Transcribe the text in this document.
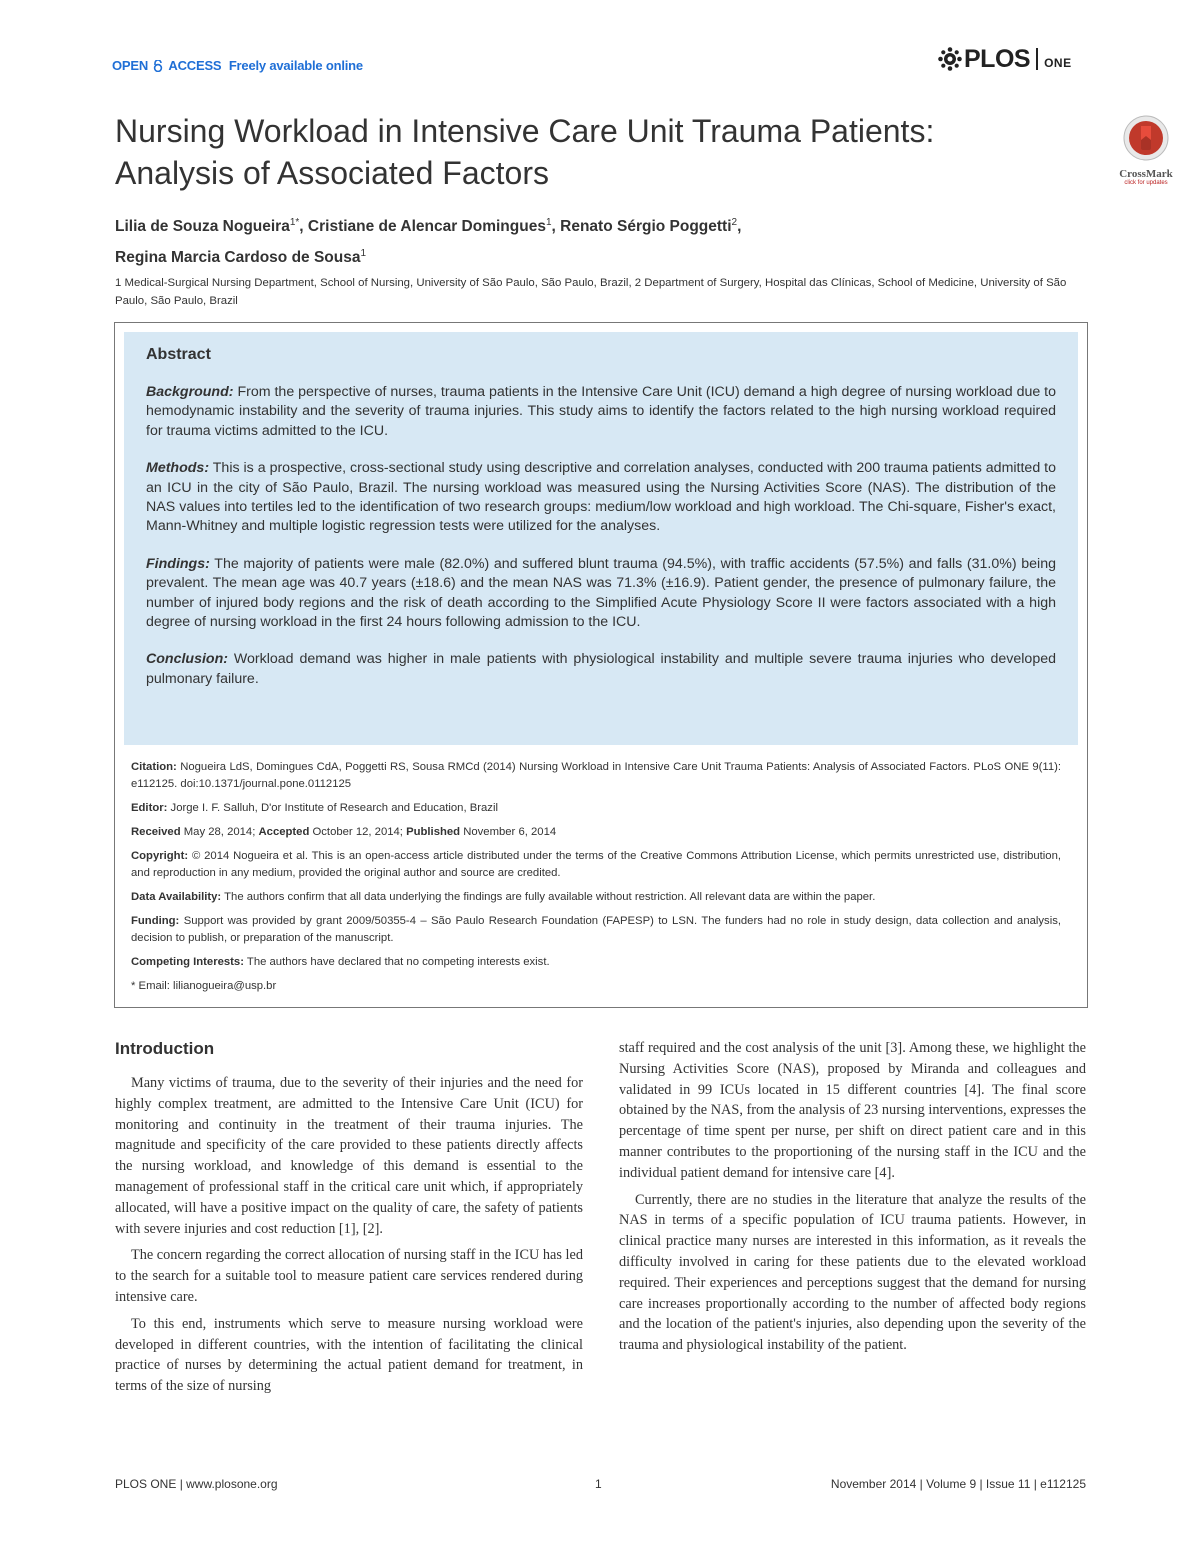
OPEN ACCESS Freely available online	PLOS ONE
Nursing Workload in Intensive Care Unit Trauma Patients: Analysis of Associated Factors	CrossMark
click for updates
Lilia de Souza Nogueira$^{1*}$, Cristiane de Alencar Domingues$^1$, Renato Sérgio Poggetti$^2$,
Regina Marcia Cardoso de Sousa$^1$
1 Medical-Surgical Nursing Department, School of Nursing, University of São Paulo, São Paulo, Brazil, 2 Department of Surgery, Hospital das Clínicas, School of Medicine, University of São Paulo, São Paulo, Brazil
Abstract

Background: From the perspective of nurses, trauma patients in the Intensive Care Unit (ICU) demand a high degree of nursing workload due to hemodynamic instability and the severity of trauma injuries. This study aims to identify the factors related to the high nursing workload required for trauma victims admitted to the ICU.

Methods: This is a prospective, cross-sectional study using descriptive and correlation analyses, conducted with 200 trauma patients admitted to an ICU in the city of São Paulo, Brazil. The nursing workload was measured using the Nursing Activities Score (NAS). The distribution of the NAS values into tertiles led to the identification of two research groups: medium/low workload and high workload. The Chi-square, Fisher's exact, Mann-Whitney and multiple logistic regression tests were utilized for the analyses.

Findings: The majority of patients were male (82.0%) and suffered blunt trauma (94.5%), with traffic accidents (57.5%) and falls (31.0%) being prevalent. The mean age was 40.7 years (±18.6) and the mean NAS was 71.3% (±16.9). Patient gender, the presence of pulmonary failure, the number of injured body regions and the risk of death according to the Simplified Acute Physiology Score II were factors associated with a high degree of nursing workload in the first 24 hours following admission to the ICU.

Conclusion: Workload demand was higher in male patients with physiological instability and multiple severe trauma injuries who developed pulmonary failure.

Citation: Nogueira LdS, Domingues CdA, Poggetti RS, Sousa RMCd (2014) Nursing Workload in Intensive Care Unit Trauma Patients: Analysis of Associated Factors. PLoS ONE 9(11): e112125. doi:10.1371/journal.pone.0112125

Editor: Jorge I. F. Salluh, D'or Institute of Research and Education, Brazil

Received May 28, 2014; Accepted October 12, 2014; Published November 6, 2014

Copyright: © 2014 Nogueira et al. This is an open-access article distributed under the terms of the Creative Commons Attribution License, which permits unrestricted use, distribution, and reproduction in any medium, provided the original author and source are credited.

Data Availability: The authors confirm that all data underlying the findings are fully available without restriction. All relevant data are within the paper.

Funding: Support was provided by grant 2009/50355-4 – São Paulo Research Foundation (FAPESP) to LSN. The funders had no role in study design, data collection and analysis, decision to publish, or preparation of the manuscript.

Competing Interests: The authors have declared that no competing interests exist.

* Email: lilianogueira@usp.br

Introduction

Many victims of trauma, due to the severity of their injuries and the need for highly complex treatment, are admitted to the Intensive Care Unit (ICU) for monitoring and continuity in the treatment of their trauma injuries. The magnitude and specificity of the care provided to these patients directly affects the nursing workload, and knowledge of this demand is essential to the management of professional staff in the critical care unit which, if appropriately allocated, will have a positive impact on the quality of care, the safety of patients with severe injuries and cost reduction [1], [2].

The concern regarding the correct allocation of nursing staff in the ICU has led to the search for a suitable tool to measure patient care services rendered during intensive care.

To this end, instruments which serve to measure nursing workload were developed in different countries, with the intention of facilitating the clinical practice of nurses by determining the actual patient demand for treatment, in terms of the size of nursing

staff required and the cost analysis of the unit [3]. Among these, we highlight the Nursing Activities Score (NAS), proposed by Miranda and colleagues and validated in 99 ICUs located in 15 different countries [4]. The final score obtained by the NAS, from the analysis of 23 nursing interventions, expresses the percentage of time spent per nurse, per shift on direct patient care and in this manner contributes to the proportioning of the nursing staff in the ICU and the individual patient demand for intensive care [4].

Currently, there are no studies in the literature that analyze the results of the NAS in terms of a specific population of ICU trauma patients. However, in clinical practice many nurses are interested in this information, as it reveals the difficulty involved in caring for these patients due to the elevated workload required. Their experiences and perceptions suggest that the demand for nursing care increases proportionally according to the number of affected body regions and the location of the patient's injuries, also depending upon the severity of the trauma and physiological instability of the patient.

PLOS ONE | www.plosone.org	1	November 2014 | Volume 9 | Issue 11 | e112125
